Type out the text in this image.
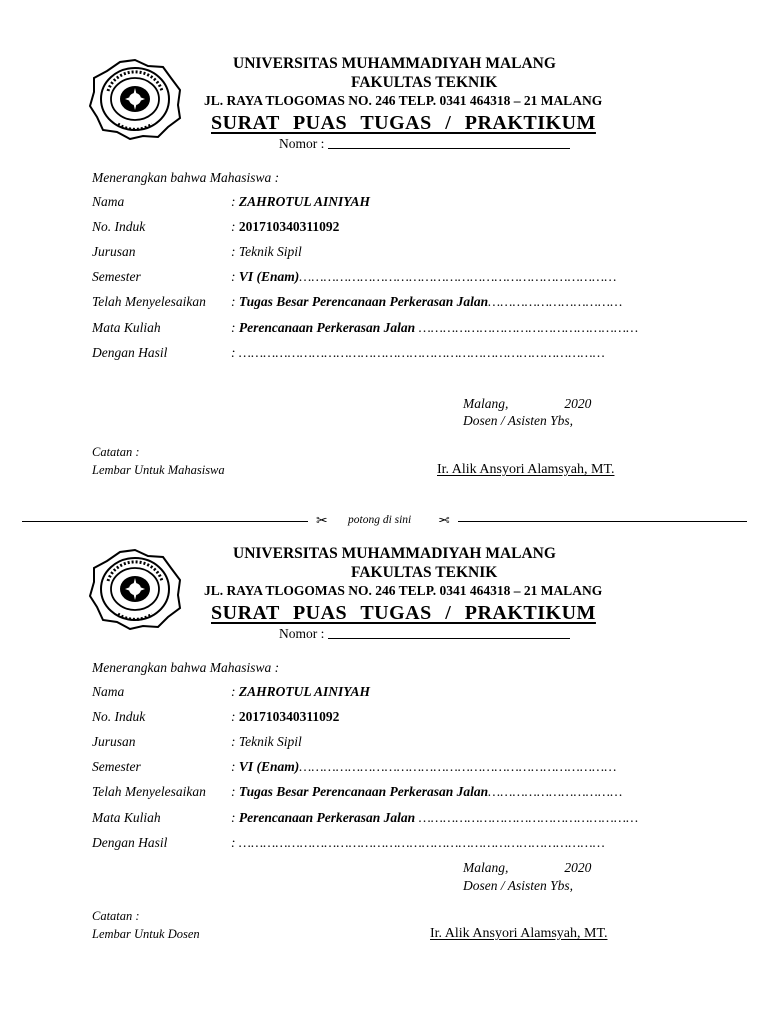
UNIVERSITAS MUHAMMADIYAH MALANG
FAKULTAS TEKNIK
JL. RAYA TLOGOMAS NO. 246 TELP. 0341 464318 – 21 MALANG
SURAT PUAS TUGAS / PRAKTIKUM
Nomor :
Menerangkan bahwa Mahasiswa :
Nama	: ZAHROTUL AINIYAH
No. Induk	: 201710340311092
Jurusan	: Teknik Sipil
Semester	: VI (Enam)……………………………………………………………………
Telah Menyelesaikan : Tugas Besar Perencanaan Perkerasan Jalan……………………………
Mata Kuliah	: Perencanaan Perkerasan Jalan ………………………………………………
Dengan Hasil	: ………………………………………………………………………………
Malang,	2020
Dosen / Asisten Ybs,
Catatan :
Lembar Untuk Mahasiswa	Ir. Alik Ansyori Alamsyah, MT.
✂ potong di sini ✂
UNIVERSITAS MUHAMMADIYAH MALANG
FAKULTAS TEKNIK
JL. RAYA TLOGOMAS NO. 246 TELP. 0341 464318 – 21 MALANG
SURAT PUAS TUGAS / PRAKTIKUM
Nomor :
Menerangkan bahwa Mahasiswa :
Nama	: ZAHROTUL AINIYAH
No. Induk	: 201710340311092
Jurusan	: Teknik Sipil
Semester	: VI (Enam)……………………………………………………………………
Telah Menyelesaikan : Tugas Besar Perencanaan Perkerasan Jalan……………………………
Mata Kuliah	: Perencanaan Perkerasan Jalan ………………………………………………
Dengan Hasil	: ………………………………………………………………………………
Malang,	2020
Dosen / Asisten Ybs,
Catatan :
Lembar Untuk Dosen	Ir. Alik Ansyori Alamsyah, MT.
